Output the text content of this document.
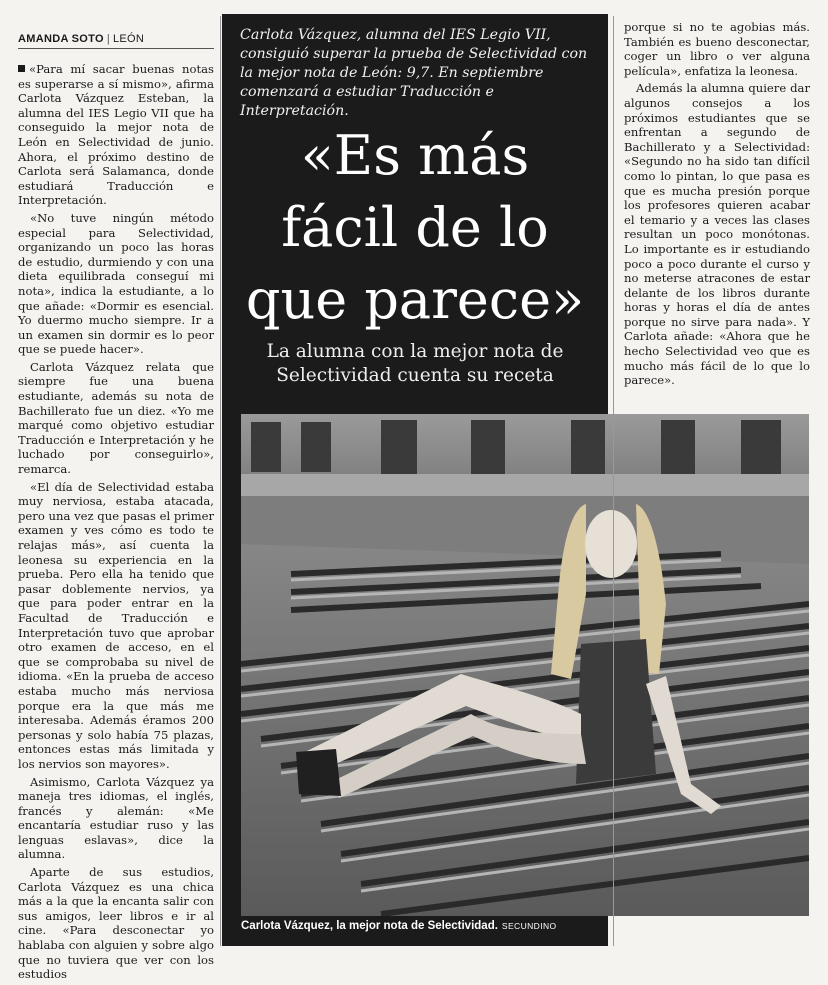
AMANDA SOTO | LEÓN

«Para mí sacar buenas notas es superarse a sí mismo», afirma Carlota Vázquez Esteban, la alumna del IES Legio VII que ha conseguido la mejor nota de León en Selectividad de junio. Ahora, el próximo destino de Carlota será Salamanca, donde estudiará Traducción e Interpretación.

«No tuve ningún método especial para Selectividad, organizando un poco las horas de estudio, durmiendo y con una dieta equilibrada conseguí mi nota», indica la estudiante, a lo que añade: «Dormir es esencial. Yo duermo mucho siempre. Ir a un examen sin dormir es lo peor que se puede hacer».

Carlota Vázquez relata que siempre fue una buena estudiante, además su nota de Bachillerato fue un diez. «Yo me marqué como objetivo estudiar Traducción e Interpretación y he luchado por conseguirlo», remarca.

«El día de Selectividad estaba muy nerviosa, estaba atacada, pero una vez que pasas el primer examen y ves cómo es todo te relajas más», así cuenta la leonesa su experiencia en la prueba. Pero ella ha tenido que pasar doblemente nervios, ya que para poder entrar en la Facultad de Traducción e Interpretación tuvo que aprobar otro examen de acceso, en el que se comprobaba su nivel de idioma. «En la prueba de acceso estaba mucho más nerviosa porque era la que más me interesaba. Además éramos 200 personas y solo había 75 plazas, entonces estas más limitada y los nervios son mayores».

Asimismo, Carlota Vázquez ya maneja tres idiomas, el inglés, francés y alemán: «Me encantaría estudiar ruso y las lenguas eslavas», dice la alumna.

Aparte de sus estudios, Carlota Vázquez es una chica más a la que la encanta salir con sus amigos, leer libros e ir al cine. «Para desconectar yo hablaba con alguien y sobre algo que no tuviera que ver con los estudios

Carlota Vázquez, alumna del IES Legio VII, consiguió superar la prueba de Selectividad con la mejor nota de León: 9,7. En septiembre comenzará a estudiar Traducción e Interpretación.
«Es más
fácil de lo
que parece»
La alumna con la mejor nota de
Selectividad cuenta su receta
Carlota Vázquez, la mejor nota de Selectividad. SECUNDINO

porque si no te agobias más. También es bueno desconectar, coger un libro o ver alguna película», enfatiza la leonesa.

Además la alumna quiere dar algunos consejos a los próximos estudiantes que se enfrentan a segundo de Bachillerato y a Selectividad: «Segundo no ha sido tan difícil como lo pintan, lo que pasa es que es mucha presión porque los profesores quieren acabar el temario y a veces las clases resultan un poco monótonas. Lo importante es ir estudiando poco a poco durante el curso y no meterse atracones de estar delante de los libros durante horas y horas el día de antes porque no sirve para nada». Y Carlota añade: «Ahora que he hecho Selectividad veo que es mucho más fácil de lo que lo parece».
